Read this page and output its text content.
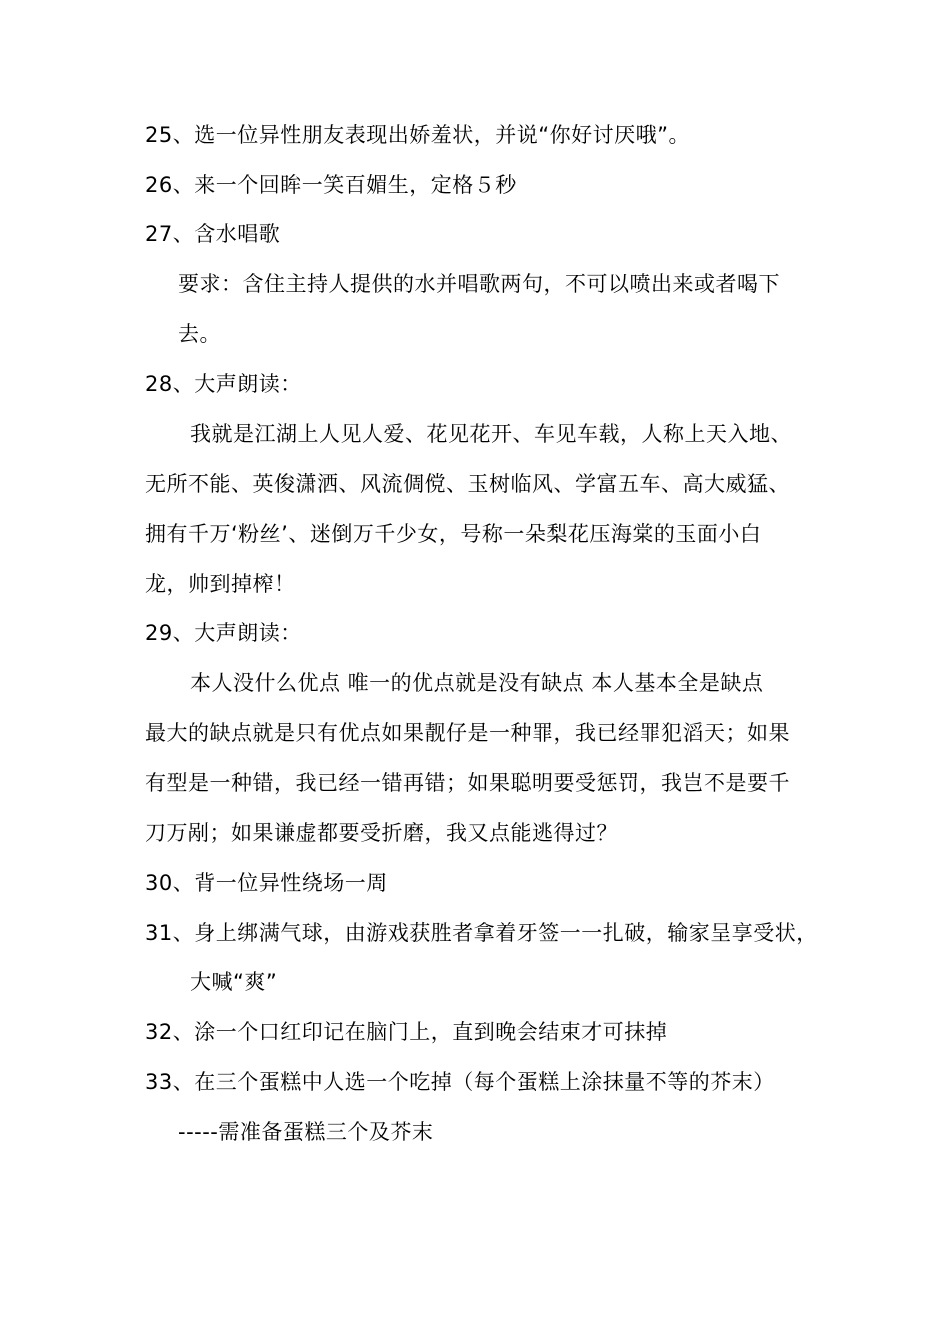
25、选一位异性朋友表现出娇羞状，并说“你好讨厌哦”。
26、来一个回眸一笑百媚生，定格５秒
27、含水唱歌
要求：含住主持人提供的水并唱歌两句，不可以喷出来或者喝下
去。
28、大声朗读：
我就是江湖上人见人爱、花见花开、车见车载，人称上天入地、
无所不能、英俊潇洒、风流倜傥、玉树临风、学富五车、高大威猛、
拥有千万‘粉丝’、迷倒万千少女，号称一朵梨花压海棠的玉面小白
龙，帅到掉榨！
29、大声朗读：
本人没什么优点 唯一的优点就是没有缺点 本人基本全是缺点
最大的缺点就是只有优点如果靓仔是一种罪，我已经罪犯滔天；如果
有型是一种错，我已经一错再错；如果聪明要受惩罚，我岂不是要千
刀万剐；如果谦虚都要受折磨，我又点能逃得过？
30、背一位异性绕场一周
31、身上绑满气球，由游戏获胜者拿着牙签一一扎破，输家呈享受状，
大喊“爽”
32、涂一个口红印记在脑门上，直到晚会结束才可抹掉
33、在三个蛋糕中人选一个吃掉（每个蛋糕上涂抹量不等的芥末）
-----需准备蛋糕三个及芥末
